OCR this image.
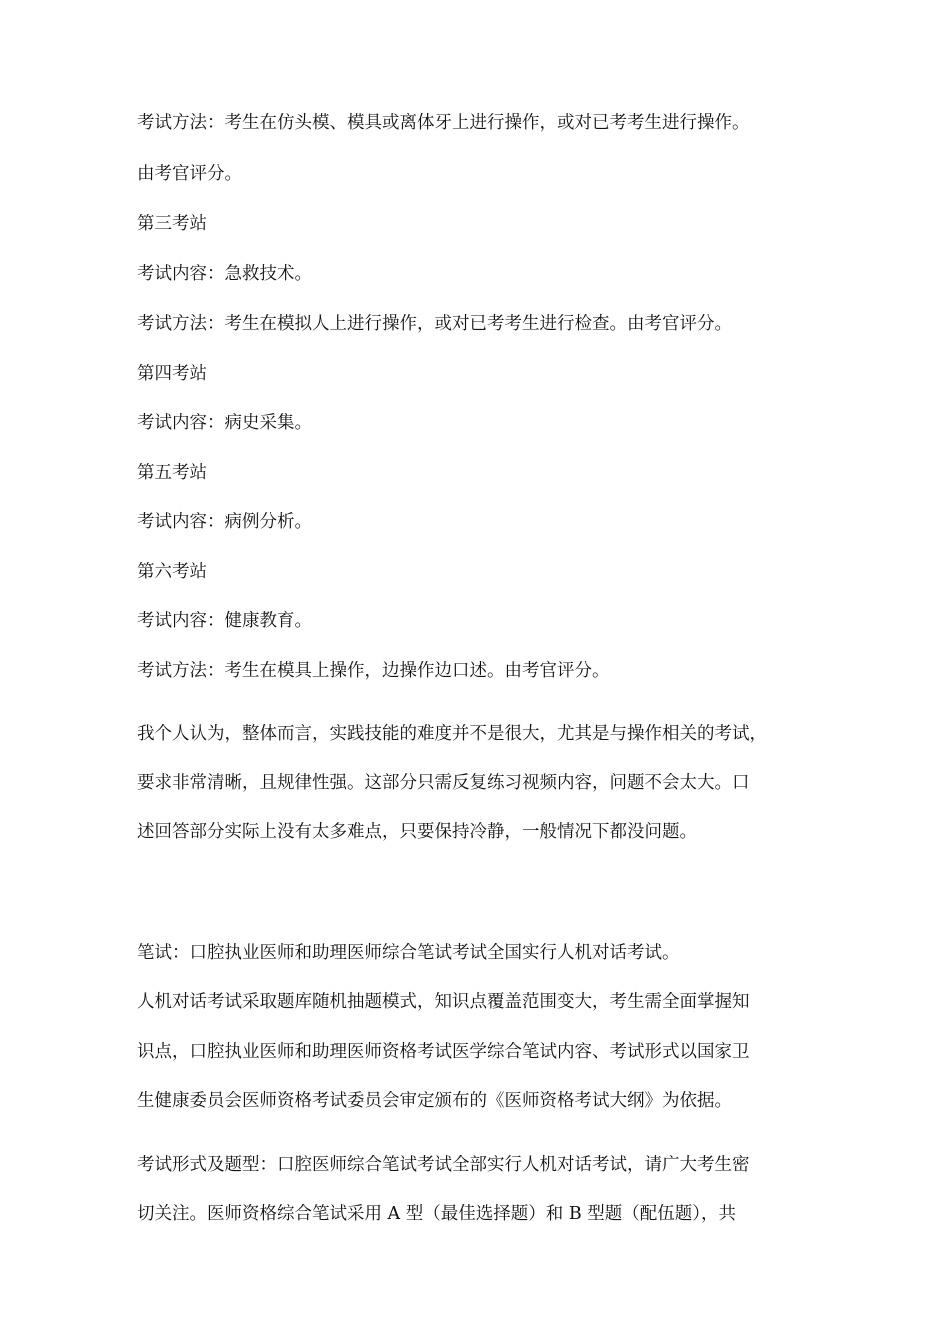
考试方法：考生在仿头模、模具或离体牙上进行操作，或对已考考生进行操作。

由考官评分。

第三考站

考试内容：急救技术。

考试方法：考生在模拟人上进行操作，或对已考考生进行检查。由考官评分。

第四考站

考试内容：病史采集。

第五考站

考试内容：病例分析。

第六考站

考试内容：健康教育。

考试方法：考生在模具上操作，边操作边口述。由考官评分。

我个人认为，整体而言，实践技能的难度并不是很大，尤其是与操作相关的考试，

要求非常清晰，且规律性强。这部分只需反复练习视频内容，问题不会太大。口

述回答部分实际上没有太多难点，只要保持冷静，一般情况下都没问题。

笔试：口腔执业医师和助理医师综合笔试考试全国实行人机对话考试。

人机对话考试采取题库随机抽题模式，知识点覆盖范围变大，考生需全面掌握知

识点，口腔执业医师和助理医师资格考试医学综合笔试内容、考试形式以国家卫

生健康委员会医师资格考试委员会审定颁布的《医师资格考试大纲》为依据。

考试形式及题型：口腔医师综合笔试考试全部实行人机对话考试，请广大考生密

切关注。医师资格综合笔试采用 A 型（最佳选择题）和 B 型题（配伍题），共
